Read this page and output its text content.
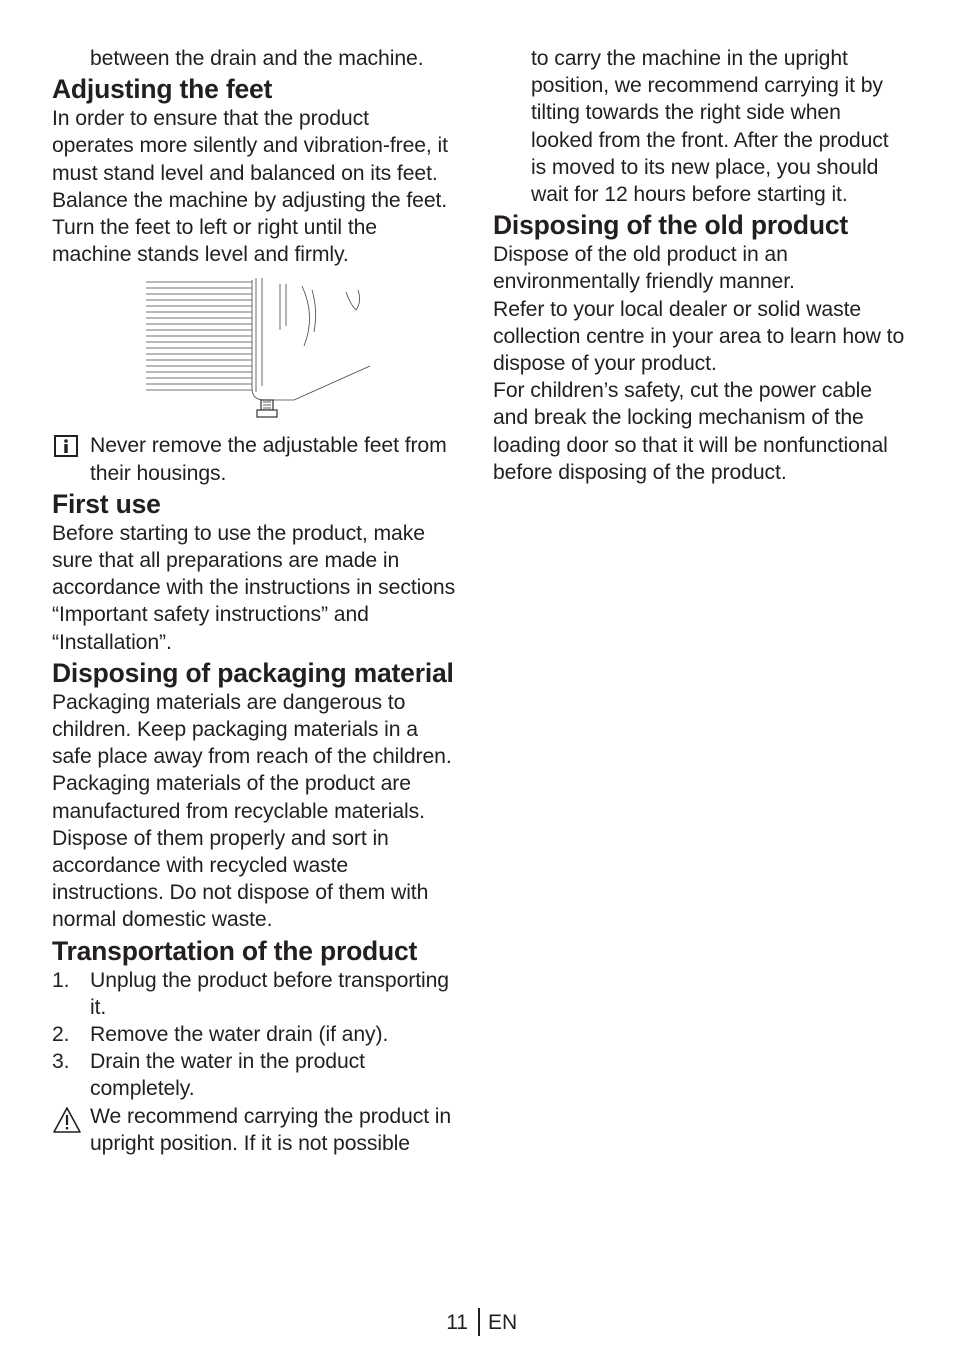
between the drain and the machine.

Adjusting the feet

In order to ensure that the product operates more silently and vibration-free, it must stand level and balanced on its feet. Balance the machine by adjusting the feet.

Turn the feet to left or right until the machine stands level and firmly.

Never remove the adjustable feet from their housings.

First use

Before starting to use the product, make sure that all preparations are made in accordance with the instructions in sections “Important safety instructions” and “Installation”.

Disposing of packaging material

Packaging materials are dangerous to children. Keep packaging materials in a safe place away from reach of the children.

Packaging materials of the product are manufactured from recyclable materials. Dispose of them properly and sort in accordance with recycled waste instructions. Do not dispose of them with normal domestic waste.

Transportation of the product
1. Unplug the product before transporting it.
2. Remove the water drain (if any).
3. Drain the water in the product completely.

We recommend carrying the product in upright position. If it is not possible

to carry the machine in the upright position, we recommend carrying it by tilting towards the right side when looked from the front. After the product is moved to its new place, you should wait for 12 hours before starting it.

Disposing of the old product

Dispose of the old product in an environmentally friendly manner.

Refer to your local dealer or solid waste collection centre in your area to learn how to dispose of your product.

For children’s safety, cut the power cable and break the locking mechanism of the loading door so that it will be nonfunctional before disposing of the product.

11 EN
